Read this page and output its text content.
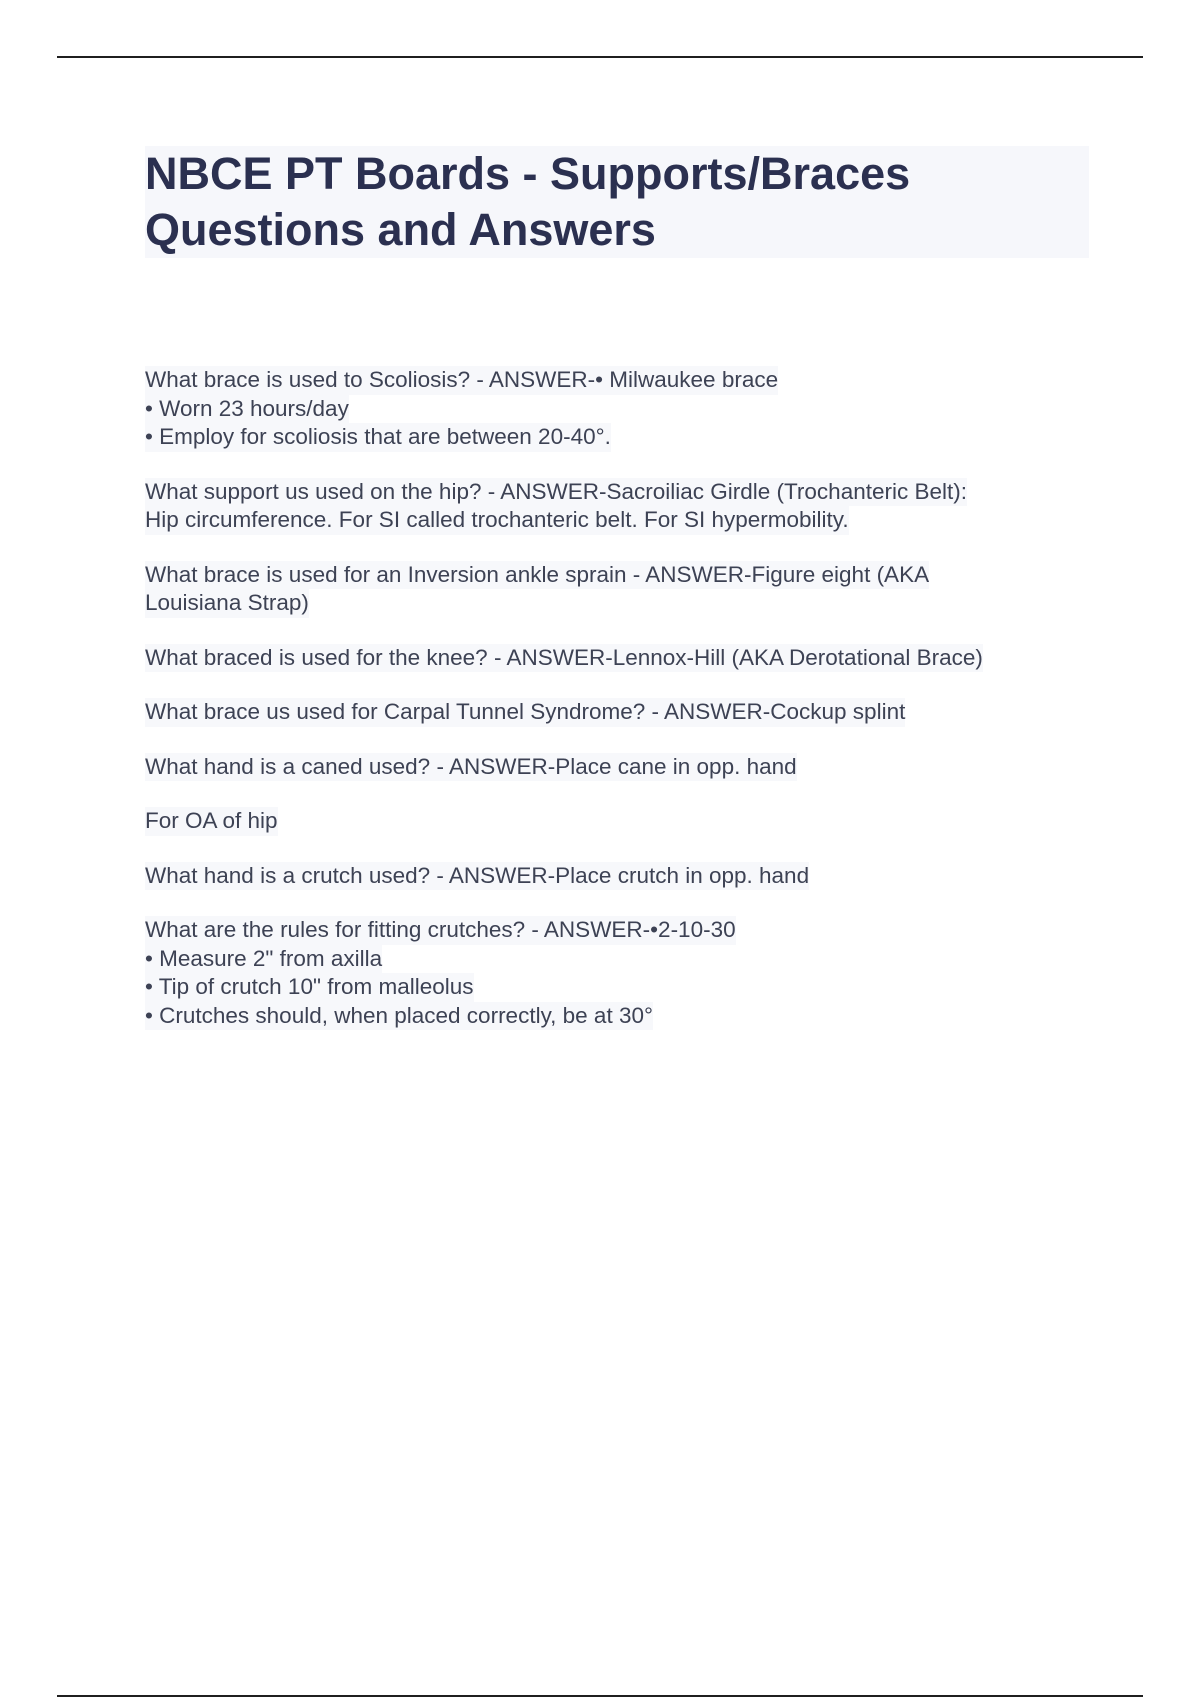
NBCE PT Boards - Supports/Braces
Questions and Answers
What brace is used to Scoliosis? - ANSWER-• Milwaukee brace
• Worn 23 hours/day
• Employ for scoliosis that are between 20-40°.
What support us used on the hip? - ANSWER-Sacroiliac Girdle (Trochanteric Belt):
Hip circumference. For SI called trochanteric belt. For SI hypermobility.
What brace is used for an Inversion ankle sprain - ANSWER-Figure eight (AKA
Louisiana Strap)
What braced is used for the knee? - ANSWER-Lennox-Hill (AKA Derotational Brace)
What brace us used for Carpal Tunnel Syndrome? - ANSWER-Cockup splint
What hand is a caned used? - ANSWER-Place cane in opp. hand
For OA of hip
What hand is a crutch used? - ANSWER-Place crutch in opp. hand
What are the rules for fitting crutches? - ANSWER-•2-10-30
• Measure 2" from axilla
• Tip of crutch 10" from malleolus
• Crutches should, when placed correctly, be at 30°
